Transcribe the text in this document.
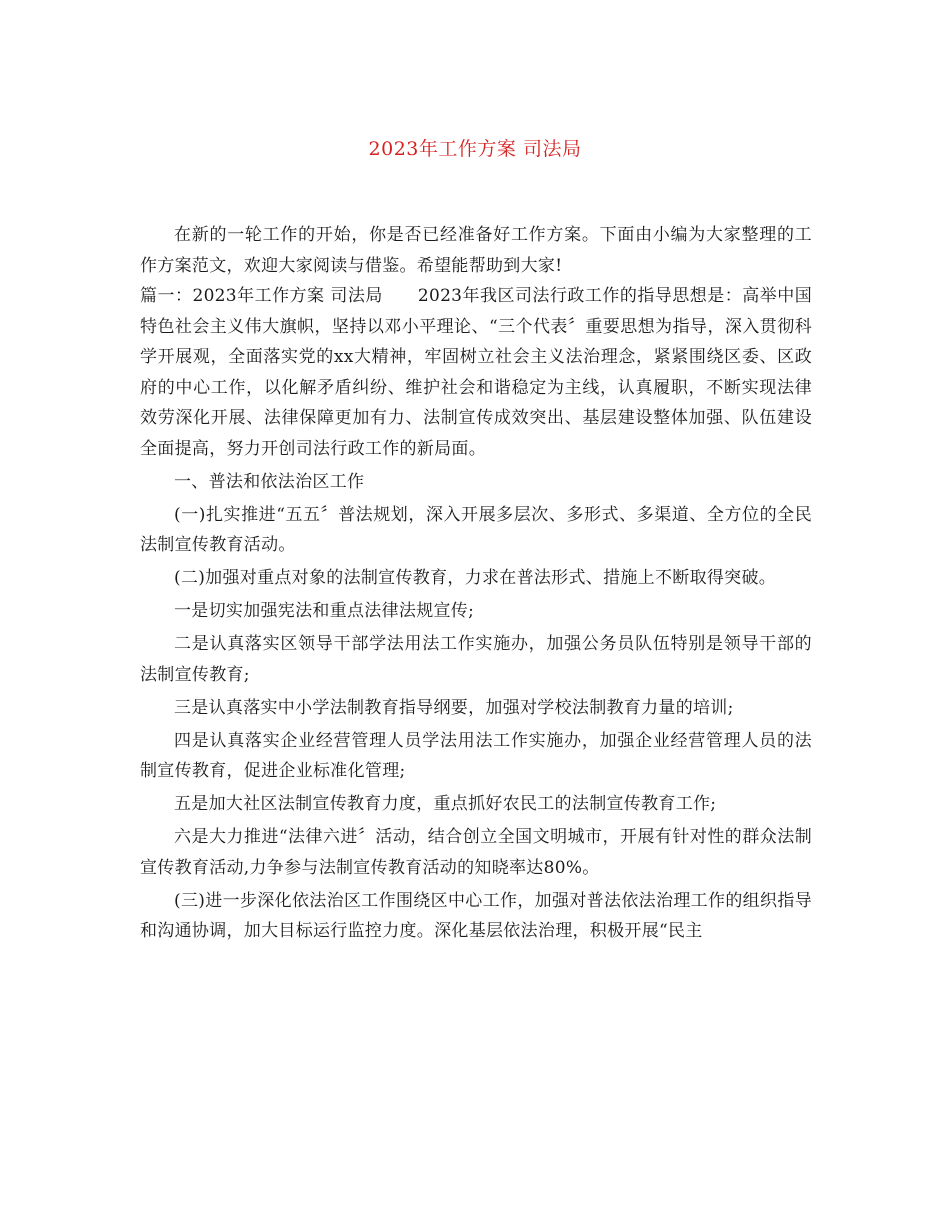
2023年工作方案 司法局

在新的一轮工作的开始，你是否已经准备好工作方案。下面由小编为大家整理的工作方案范文，欢迎大家阅读与借鉴。希望能帮助到大家!

篇一：2023年工作方案 司法局　　2023年我区司法行政工作的指导思想是：高举中国特色社会主义伟大旗帜，坚持以邓小平理论、“三个代表〞重要思想为指导，深入贯彻科学开展观，全面落实党的xx大精神，牢固树立社会主义法治理念，紧紧围绕区委、区政府的中心工作，以化解矛盾纠纷、维护社会和谐稳定为主线，认真履职，不断实现法律效劳深化开展、法律保障更加有力、法制宣传成效突出、基层建设整体加强、队伍建设全面提高，努力开创司法行政工作的新局面。

一、普法和依法治区工作

(一)扎实推进“五五〞普法规划，深入开展多层次、多形式、多渠道、全方位的全民法制宣传教育活动。

(二)加强对重点对象的法制宣传教育，力求在普法形式、措施上不断取得突破。

一是切实加强宪法和重点法律法规宣传;

二是认真落实区领导干部学法用法工作实施办，加强公务员队伍特别是领导干部的法制宣传教育;

三是认真落实中小学法制教育指导纲要，加强对学校法制教育力量的培训;

四是认真落实企业经营管理人员学法用法工作实施办，加强企业经营管理人员的法制宣传教育，促进企业标准化管理;

五是加大社区法制宣传教育力度，重点抓好农民工的法制宣传教育工作;

六是大力推进“法律六进〞活动，结合创立全国文明城市，开展有针对性的群众法制宣传教育活动,力争参与法制宣传教育活动的知晓率达80%。

(三)进一步深化依法治区工作围绕区中心工作，加强对普法依法治理工作的组织指导和沟通协调，加大目标运行监控力度。深化基层依法治理，积极开展“民主
